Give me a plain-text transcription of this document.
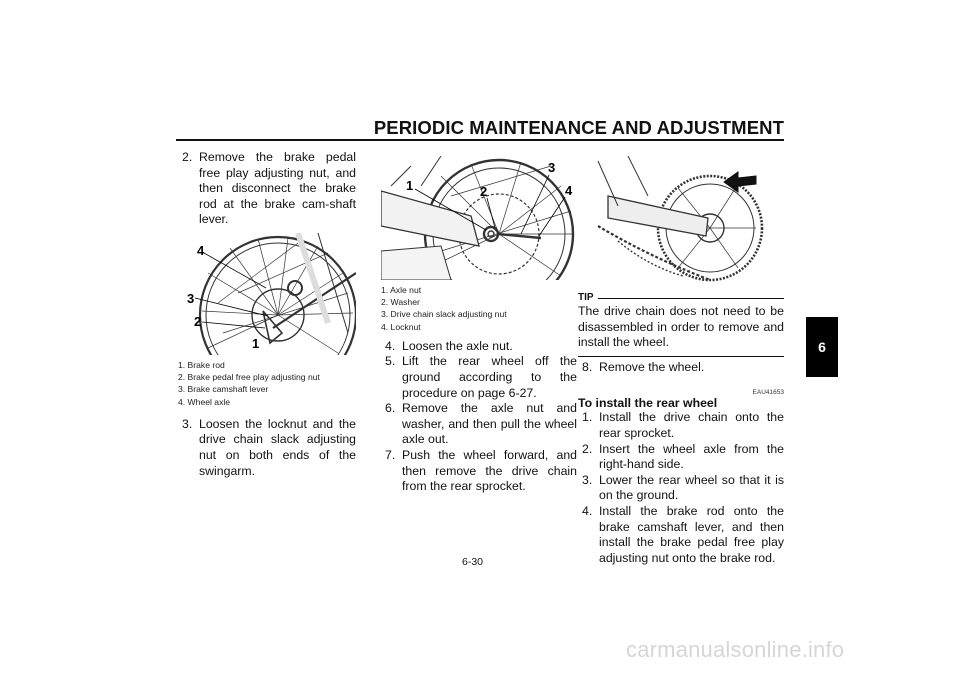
PERIODIC MAINTENANCE AND ADJUSTMENT
6
2. Remove the brake pedal free play adjusting nut, and then disconnect the brake rod at the brake cam-shaft lever.
4
3
2
1
1. Brake rod
2. Brake pedal free play adjusting nut
3. Brake camshaft lever
4. Wheel axle
3. Loosen the locknut and the drive chain slack adjusting nut on both ends of the swingarm.
1	2
3
4
1. Axle nut
2. Washer
3. Drive chain slack adjusting nut
4. Locknut
4. Loosen the axle nut.
5. Lift the rear wheel off the ground according to the procedure on page 6-27.
6. Remove the axle nut and washer, and then pull the wheel axle out.
7. Push the wheel forward, and then remove the drive chain from the rear sprocket.
TIP
The drive chain does not need to be disassembled in order to remove and install the wheel.
8. Remove the wheel.
EAU41653
To install the rear wheel
1. Install the drive chain onto the rear sprocket.
2. Insert the wheel axle from the right-hand side.
3. Lower the rear wheel so that it is on the ground.
4. Install the brake rod onto the brake camshaft lever, and then install the brake pedal free play adjusting nut onto the brake rod.
6-30
carmanualsonline.info
